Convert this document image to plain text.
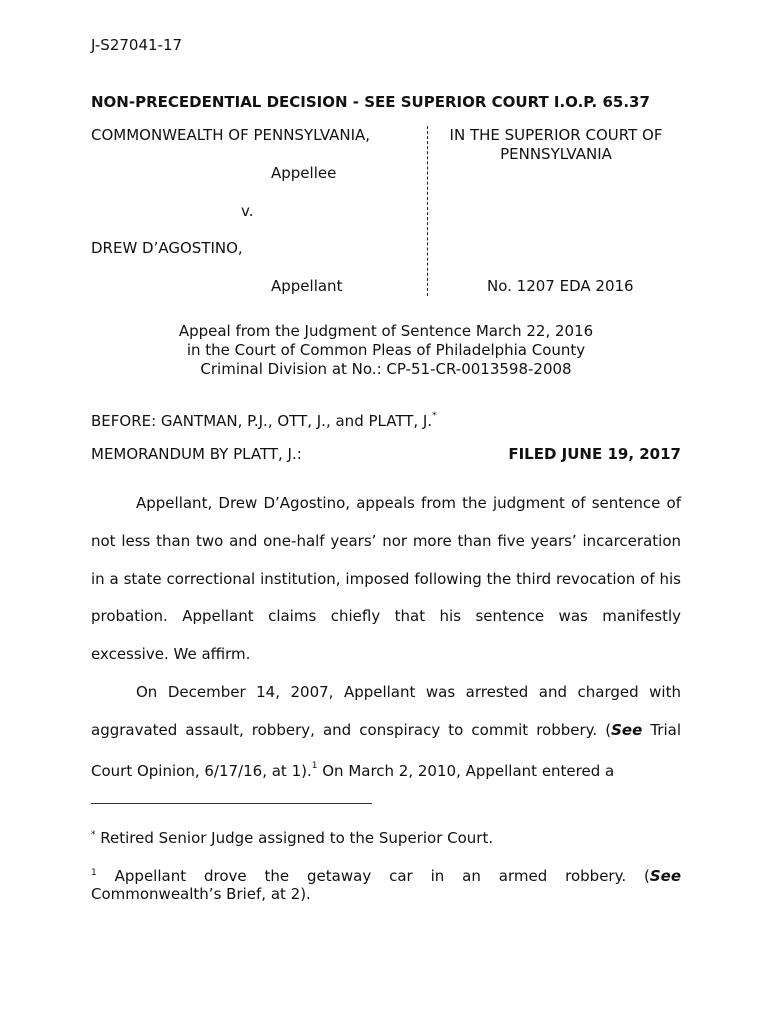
J-S27041-17
NON-PRECEDENTIAL DECISION - SEE SUPERIOR COURT I.O.P. 65.37
COMMONWEALTH OF PENNSYLVANIA,
Appellee
v.
DREW D’AGOSTINO,
Appellant
IN THE SUPERIOR COURT OF PENNSYLVANIA
No. 1207 EDA 2016
Appeal from the Judgment of Sentence March 22, 2016
in the Court of Common Pleas of Philadelphia County
Criminal Division at No.: CP-51-CR-0013598-2008
BEFORE: GANTMAN, P.J., OTT, J., and PLATT, J.*
MEMORANDUM BY PLATT, J.:	FILED JUNE 19, 2017

Appellant, Drew D’Agostino, appeals from the judgment of sentence of not less than two and one-half years’ nor more than five years’ incarceration in a state correctional institution, imposed following the third revocation of his probation. Appellant claims chiefly that his sentence was manifestly excessive. We affirm.

On December 14, 2007, Appellant was arrested and charged with aggravated assault, robbery, and conspiracy to commit robbery. (See Trial Court Opinion, 6/17/16, at 1).$^1$ On March 2, 2010, Appellant entered a

* Retired Senior Judge assigned to the Superior Court.
$^1$ Appellant drove the getaway car in an armed robbery. (See Commonwealth’s Brief, at 2).
